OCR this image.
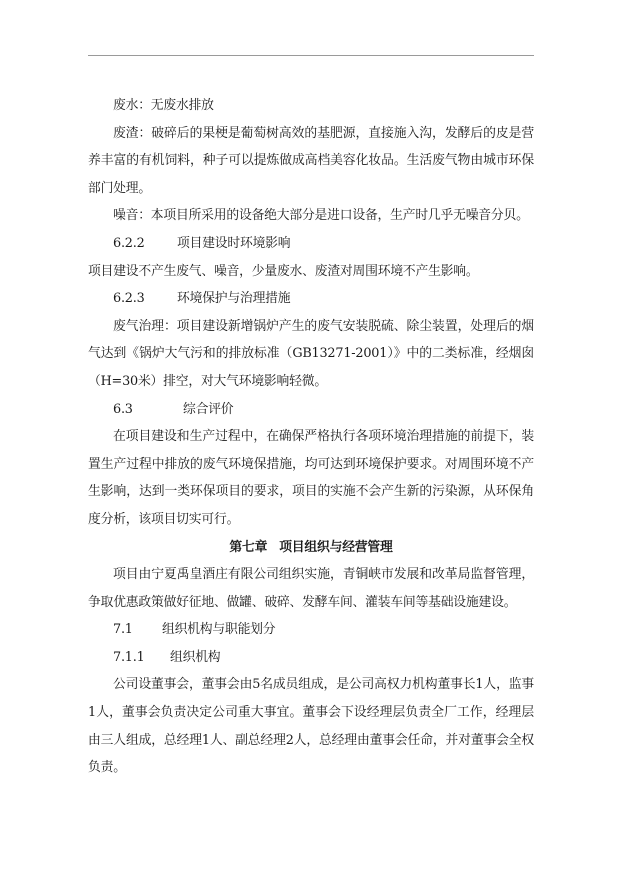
废水：无废水排放

废渣：破碎后的果梗是葡萄树高效的基肥源，直接施入沟，发酵后的皮是营养丰富的有机饲料，种子可以提炼做成高档美容化妆品。生活废气物由城市环保部门处理。

噪音：本项目所采用的设备绝大部分是进口设备，生产时几乎无噪音分贝。

6.2.2	项目建设时环境影响

项目建设不产生废气、噪音，少量废水、废渣对周围环境不产生影响。

6.2.3	环境保护与治理措施

废气治理：项目建设新增锅炉产生的废气安装脱硫、除尘装置，处理后的烟气达到《锅炉大气污和的排放标准（GB13271-2001）》中的二类标准，经烟囱（H=30米）排空，对大气环境影响轻微。

6.3	综合评价

在项目建设和生产过程中，在确保严格执行各项环境治理措施的前提下，装置生产过程中排放的废气环境保措施，均可达到环境保护要求。对周围环境不产生影响，达到一类环保项目的要求，项目的实施不会产生新的污染源，从环保角度分析，该项目切实可行。

第七章 项目组织与经营管理

项目由宁夏禹皇酒庄有限公司组织实施，青铜峡市发展和改革局监督管理，争取优惠政策做好征地、做罐、破碎、发酵车间、灌装车间等基础设施建设。

7.1 组织机构与职能划分

7.1.1 组织机构

公司设董事会，董事会由5名成员组成，是公司高权力机构董事长1人，监事1人，董事会负责决定公司重大事宜。董事会下设经理层负责全厂工作，经理层由三人组成，总经理1人、副总经理2人，总经理由董事会任命，并对董事会全权负责。
